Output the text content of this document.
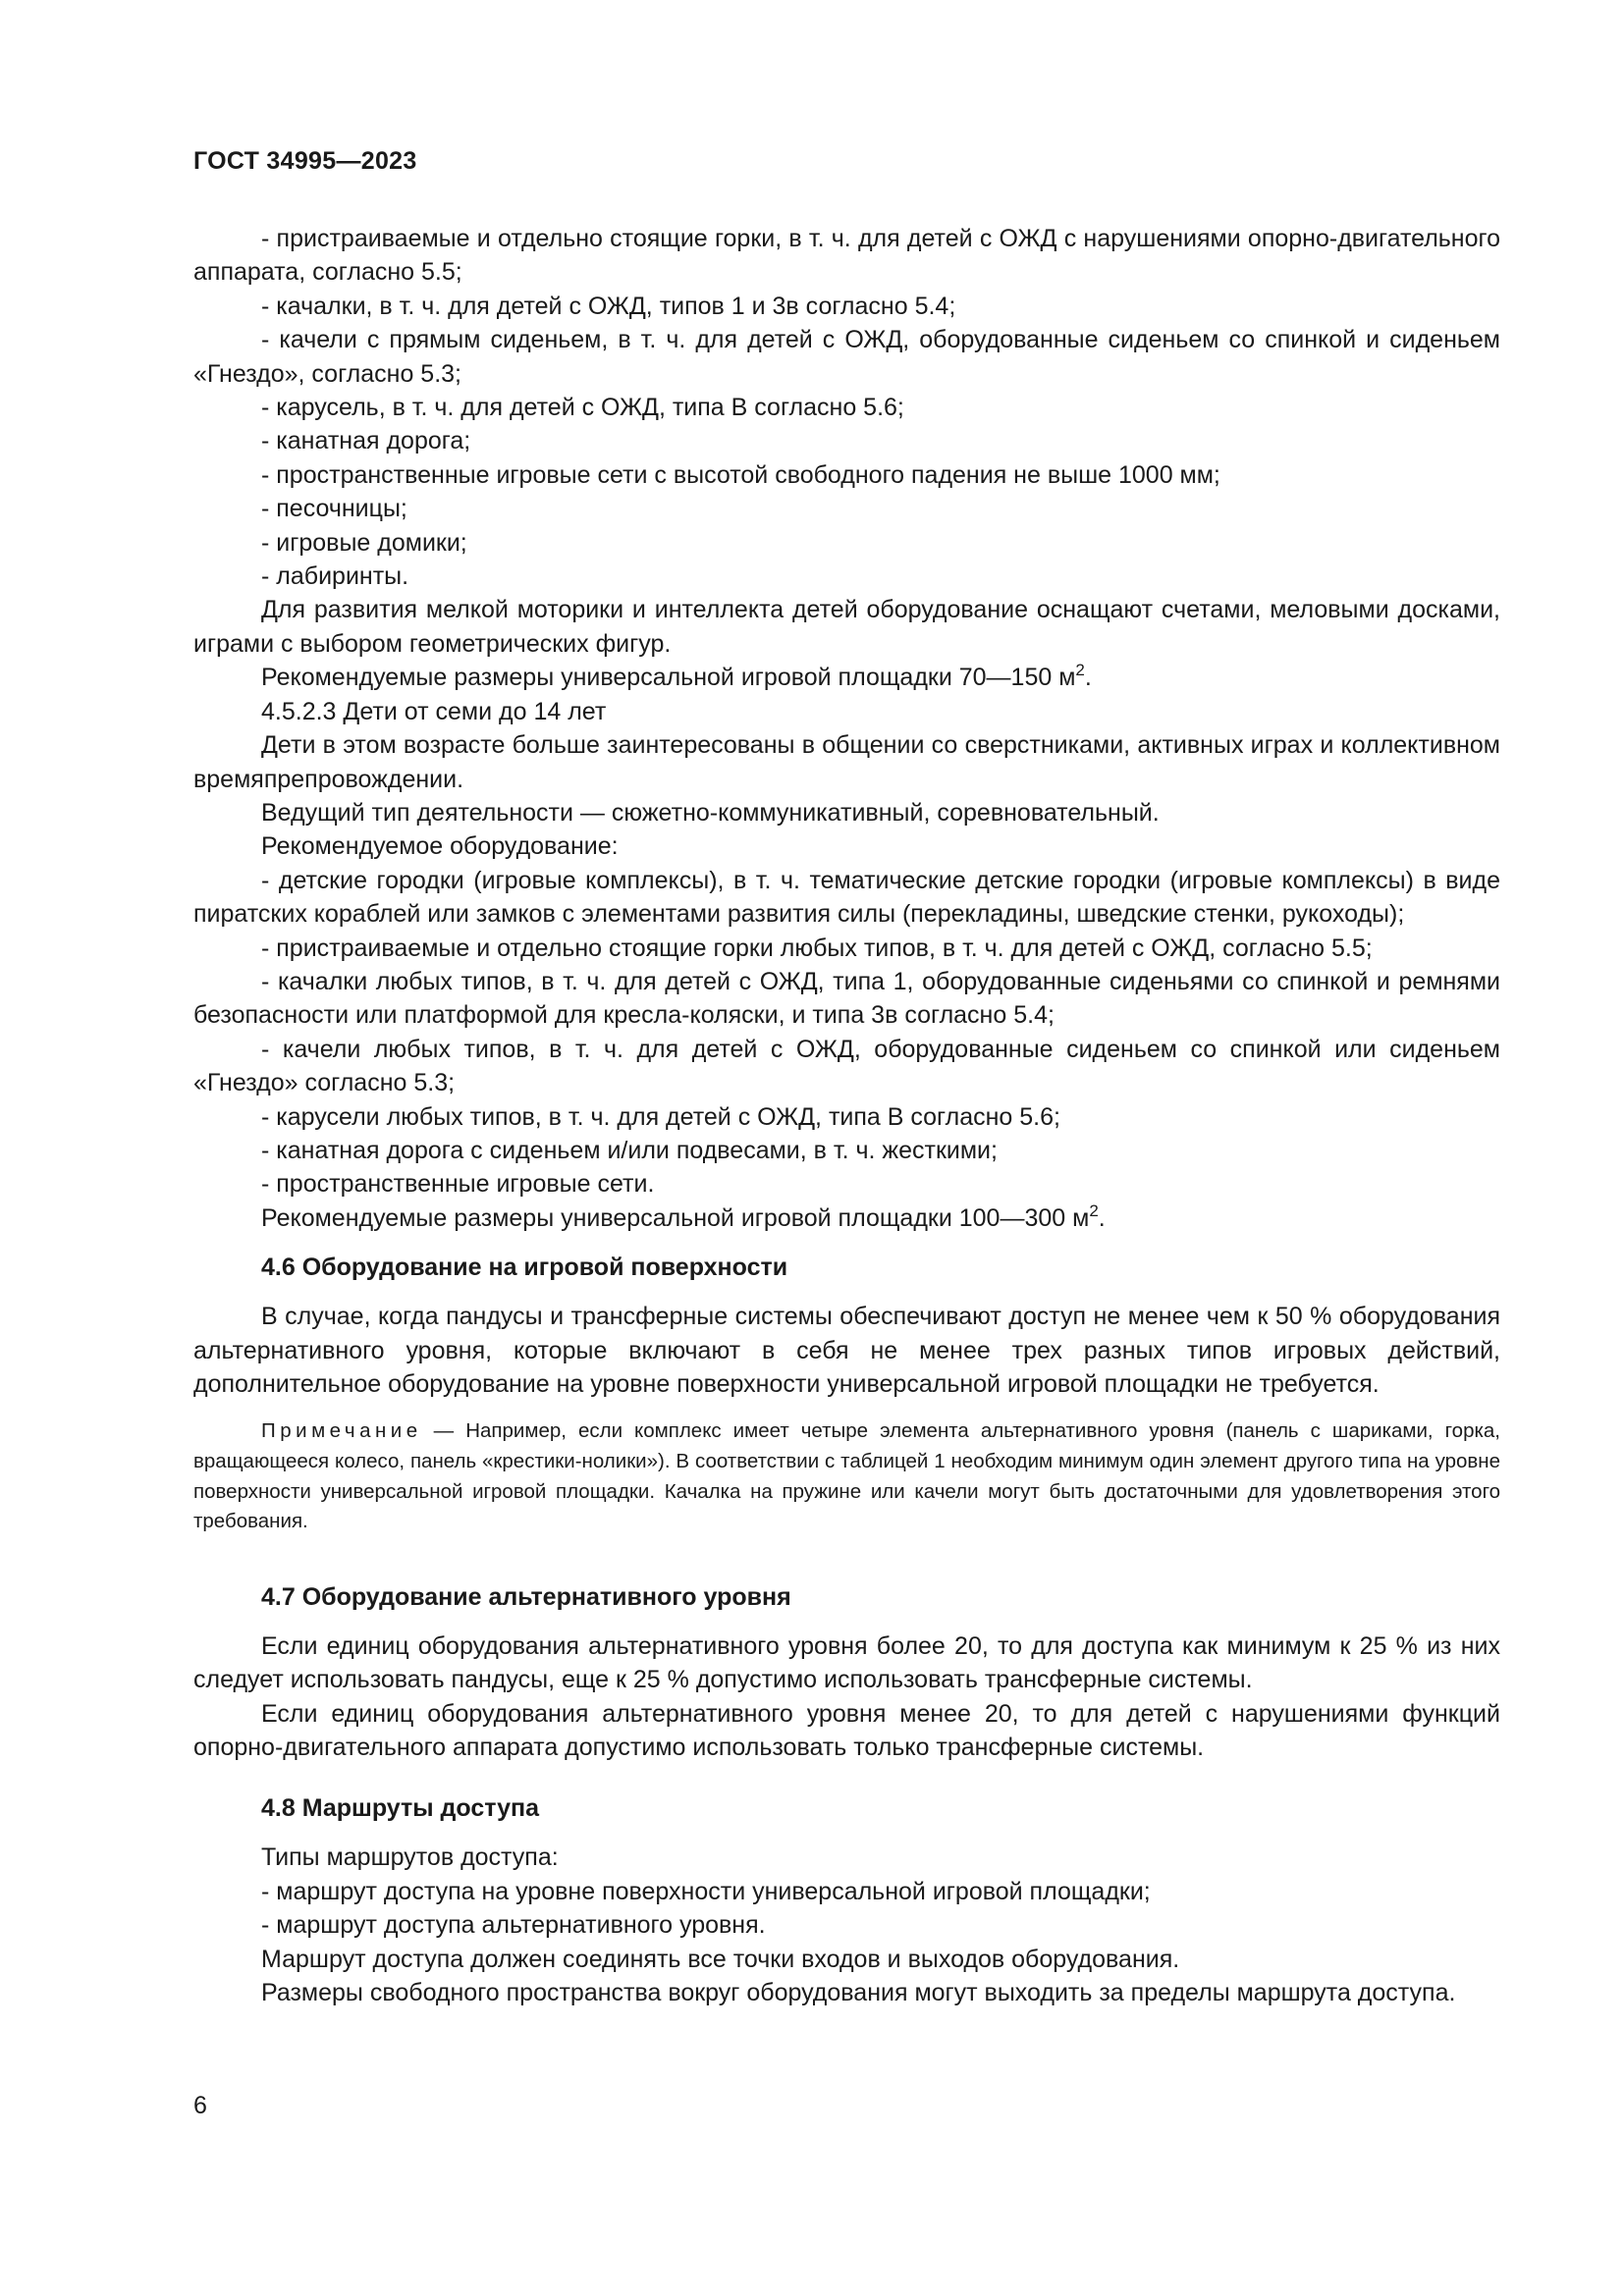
ГОСТ 34995—2023

- пристраиваемые и отдельно стоящие горки, в т. ч. для детей с ОЖД с нарушениями опорно-двигательного аппарата, согласно 5.5;

- качалки, в т. ч. для детей с ОЖД, типов 1 и 3в согласно 5.4;

- качели с прямым сиденьем, в т. ч. для детей с ОЖД, оборудованные сиденьем со спинкой и сиденьем «Гнездо», согласно 5.3;

- карусель, в т. ч. для детей с ОЖД, типа В согласно 5.6;

- канатная дорога;

- пространственные игровые сети с высотой свободного падения не выше 1000 мм;

- песочницы;

- игровые домики;

- лабиринты.

Для развития мелкой моторики и интеллекта детей оборудование оснащают счетами, меловыми досками, играми с выбором геометрических фигур.

Рекомендуемые размеры универсальной игровой площадки 70—150 $м^2$.

4.5.2.3 Дети от семи до 14 лет

Дети в этом возрасте больше заинтересованы в общении со сверстниками, активных играх и коллективном времяпрепровождении.

Ведущий тип деятельности — сюжетно-коммуникативный, соревновательный.

Рекомендуемое оборудование:

- детские городки (игровые комплексы), в т. ч. тематические детские городки (игровые комплексы) в виде пиратских кораблей или замков с элементами развития силы (перекладины, шведские стенки, рукоходы);

- пристраиваемые и отдельно стоящие горки любых типов, в т. ч. для детей с ОЖД, согласно 5.5;

- качалки любых типов, в т. ч. для детей с ОЖД, типа 1, оборудованные сиденьями со спинкой и ремнями безопасности или платформой для кресла-коляски, и типа 3в согласно 5.4;

- качели любых типов, в т. ч. для детей с ОЖД, оборудованные сиденьем со спинкой или сиденьем «Гнездо» согласно 5.3;

- карусели любых типов, в т. ч. для детей с ОЖД, типа В согласно 5.6;

- канатная дорога с сиденьем и/или подвесами, в т. ч. жесткими;

- пространственные игровые сети.

Рекомендуемые размеры универсальной игровой площадки 100—300 $м^2$.

4.6 Оборудование на игровой поверхности

В случае, когда пандусы и трансферные системы обеспечивают доступ не менее чем к 50 % оборудования альтернативного уровня, которые включают в себя не менее трех разных типов игровых действий, дополнительное оборудование на уровне поверхности универсальной игровой площадки не требуется.

Примечание — Например, если комплекс имеет четыре элемента альтернативного уровня (панель с шариками, горка, вращающееся колесо, панель «крестики-нолики»). В соответствии с таблицей 1 необходим минимум один элемент другого типа на уровне поверхности универсальной игровой площадки. Качалка на пружине или качели могут быть достаточными для удовлетворения этого требования.

4.7 Оборудование альтернативного уровня

Если единиц оборудования альтернативного уровня более 20, то для доступа как минимум к 25 % из них следует использовать пандусы, еще к 25 % допустимо использовать трансферные системы.

Если единиц оборудования альтернативного уровня менее 20, то для детей с нарушениями функций опорно-двигательного аппарата допустимо использовать только трансферные системы.

4.8 Маршруты доступа

Типы маршрутов доступа:

- маршрут доступа на уровне поверхности универсальной игровой площадки;

- маршрут доступа альтернативного уровня.

Маршрут доступа должен соединять все точки входов и выходов оборудования.

Размеры свободного пространства вокруг оборудования могут выходить за пределы маршрута доступа.

6
